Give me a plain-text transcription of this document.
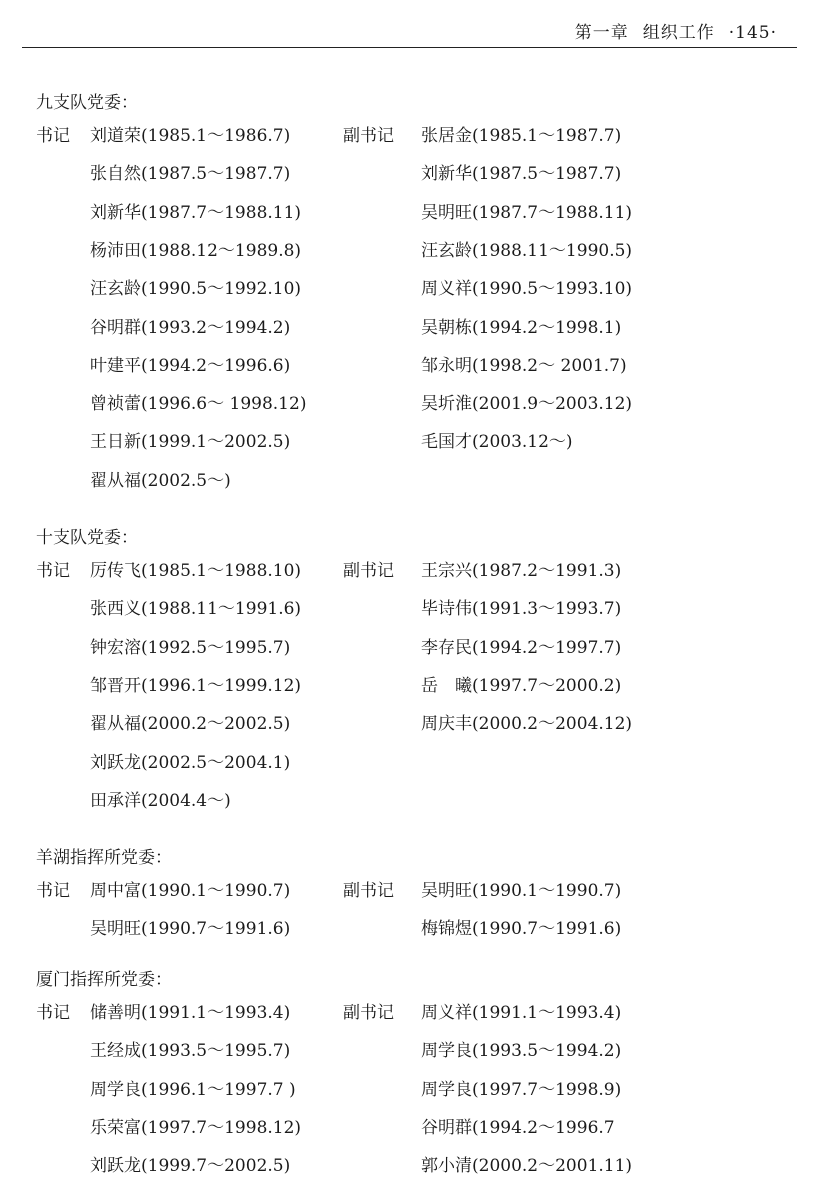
第一章 组织工作 ·145·
九支队党委：
书记	副书记
刘道荣(1985.1～1986.7)	张居金(1985.1～1987.7)
张自然(1987.5～1987.7)	刘新华(1987.5～1987.7)
刘新华(1987.7～1988.11)	吴明旺(1987.7～1988.11)
杨沛田(1988.12～1989.8)	汪玄龄(1988.11～1990.5)
汪玄龄(1990.5～1992.10)	周义祥(1990.5～1993.10)
谷明群(1993.2～1994.2)	吴朝栋(1994.2～1998.1)
叶建平(1994.2～1996.6)	邹永明(1998.2～ 2001.7)
曾祯蕾(1996.6～ 1998.12)	吴圻淮(2001.9～2003.12)
王日新(1999.1～2002.5)	毛国才(2003.12～)
翟从福(2002.5～)
十支队党委：
书记	副书记
厉传飞(1985.1～1988.10)	王宗兴(1987.2～1991.3)
张西义(1988.11～1991.6)	毕诗伟(1991.3～1993.7)
钟宏溶(1992.5～1995.7)	李存民(1994.2～1997.7)
邹晋开(1996.1～1999.12)	岳　曦(1997.7～2000.2)
翟从福(2000.2～2002.5)	周庆丰(2000.2～2004.12)
刘跃龙(2002.5～2004.1)
田承洋(2004.4～)
羊湖指挥所党委：
书记	副书记
周中富(1990.1～1990.7)	吴明旺(1990.1～1990.7)
吴明旺(1990.7～1991.6)	梅锦煜(1990.7～1991.6)
厦门指挥所党委：
书记	副书记
储善明(1991.1～1993.4)	周义祥(1991.1～1993.4)
王经成(1993.5～1995.7)	周学良(1993.5～1994.2)
周学良(1996.1～1997.7 )	周学良(1997.7～1998.9)
乐荣富(1997.7～1998.12)	谷明群(1994.2～1996.7
刘跃龙(1999.7～2002.5)	郭小清(2000.2～2001.11)
